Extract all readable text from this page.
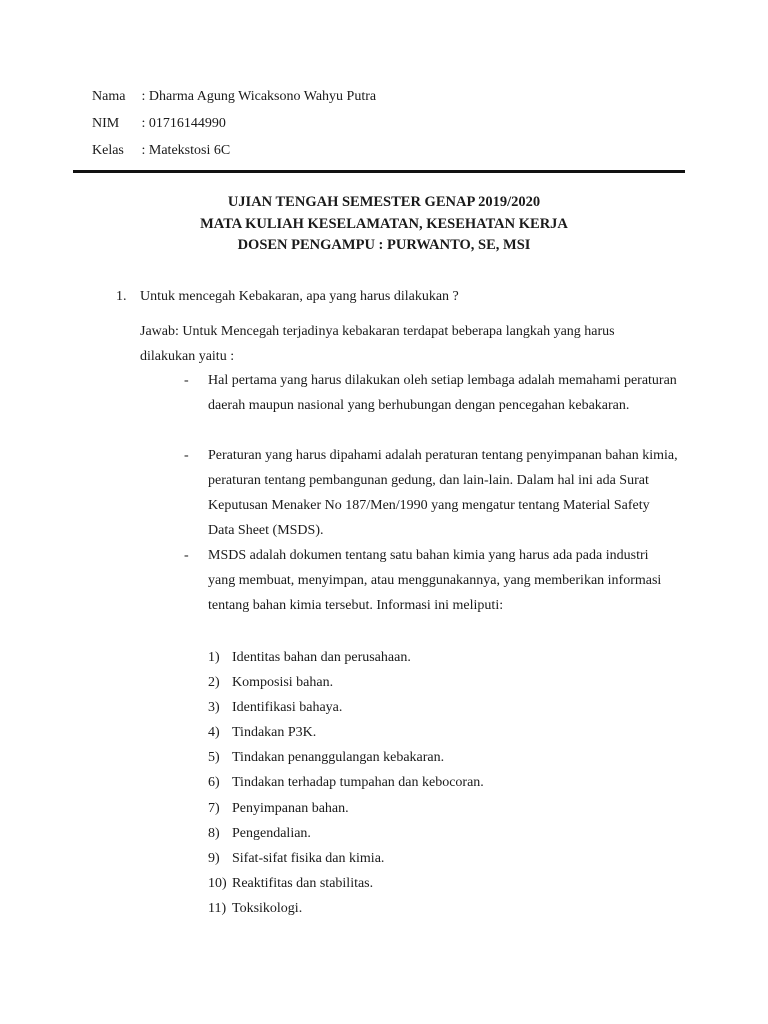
Nama : Dharma Agung Wicaksono Wahyu Putra
NIM : 01716144990
Kelas : Matekstosi 6C
UJIAN TENGAH SEMESTER GENAP 2019/2020
MATA KULIAH KESELAMATAN, KESEHATAN KERJA
DOSEN PENGAMPU : PURWANTO, SE, MSI
1. Untuk mencegah Kebakaran, apa yang harus dilakukan ?
Jawab: Untuk Mencegah terjadinya kebakaran terdapat beberapa langkah yang harus dilakukan yaitu :
- Hal pertama yang harus dilakukan oleh setiap lembaga adalah memahami peraturan daerah maupun nasional yang berhubungan dengan pencegahan kebakaran.
- Peraturan yang harus dipahami adalah peraturan tentang penyimpanan bahan kimia, peraturan tentang pembangunan gedung, dan lain-lain. Dalam hal ini ada Surat Keputusan Menaker No 187/Men/1990 yang mengatur tentang Material Safety Data Sheet (MSDS).
- MSDS adalah dokumen tentang satu bahan kimia yang harus ada pada industri yang membuat, menyimpan, atau menggunakannya, yang memberikan informasi tentang bahan kimia tersebut. Informasi ini meliputi:
1) Identitas bahan dan perusahaan.
2) Komposisi bahan.
3) Identifikasi bahaya.
4) Tindakan P3K.
5) Tindakan penanggulangan kebakaran.
6) Tindakan terhadap tumpahan dan kebocoran.
7) Penyimpanan bahan.
8) Pengendalian.
9) Sifat-sifat fisika dan kimia.
10) Reaktifitas dan stabilitas.
11) Toksikologi.
